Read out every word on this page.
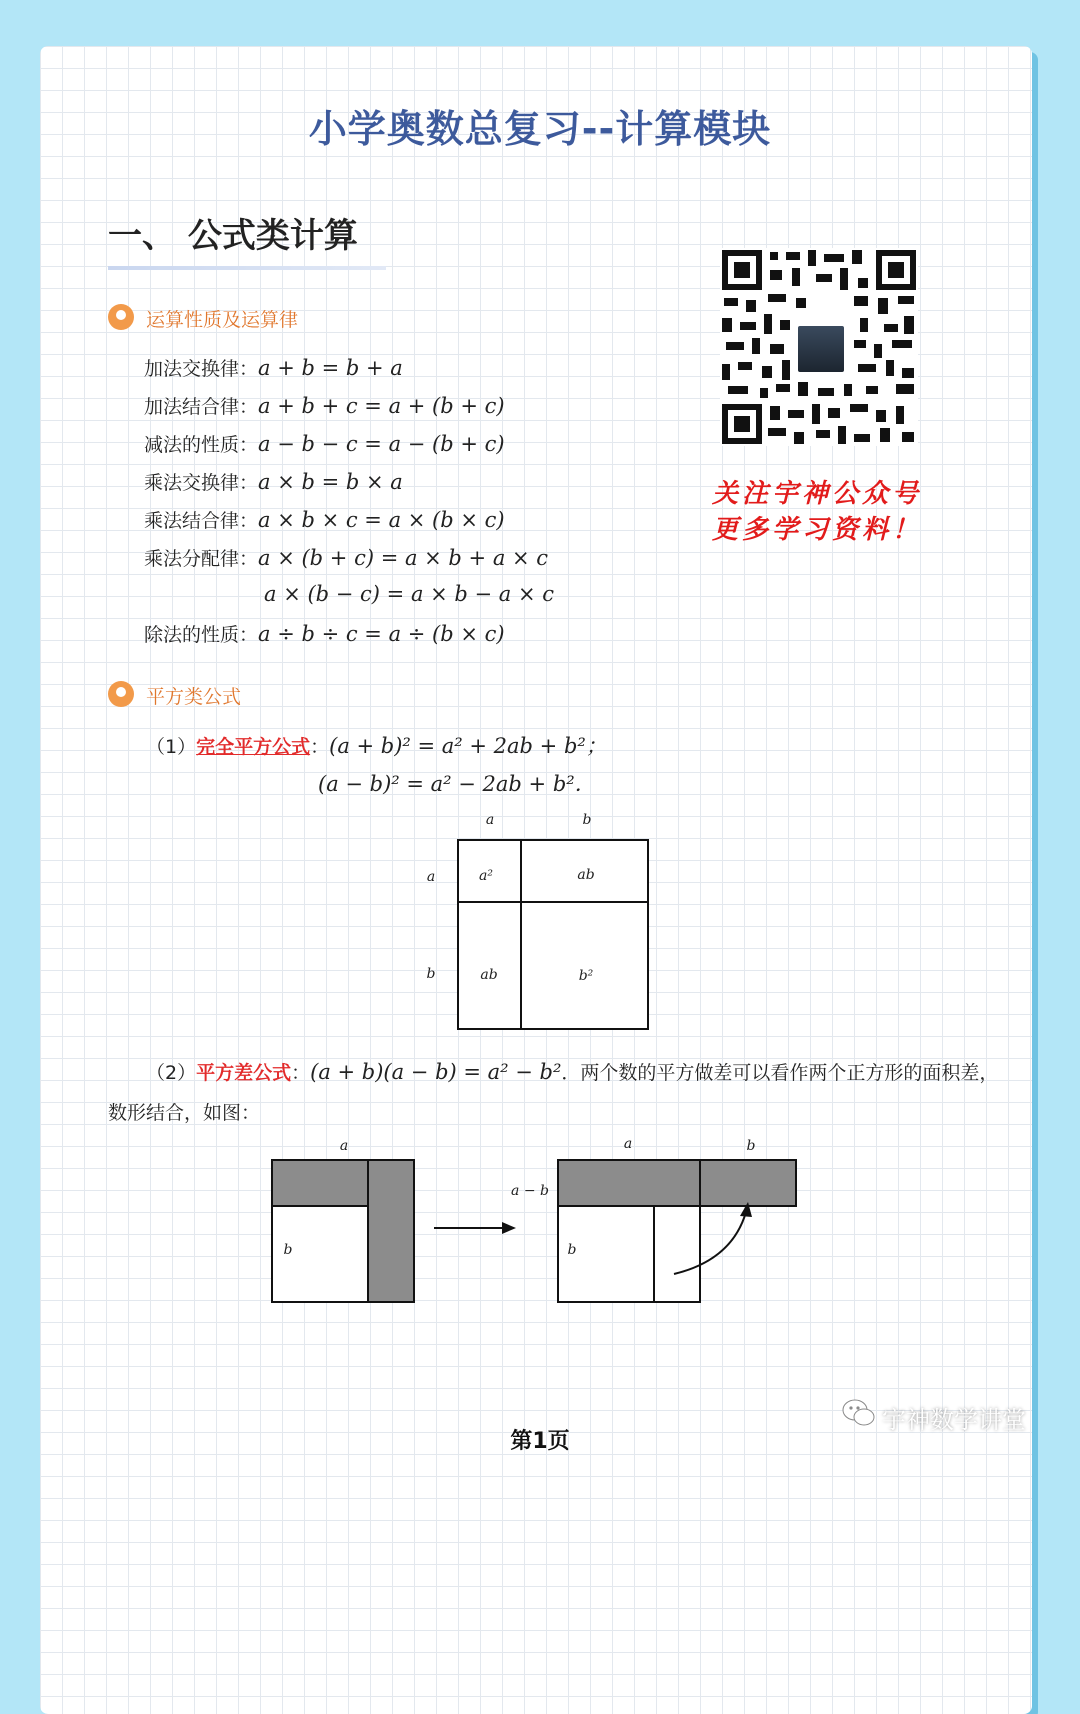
小学奥数总复习--计算模块
一、 公式类计算
运算性质及运算律
加法交换律：a + b = b + a
加法结合律：a + b + c = a + (b + c)
减法的性质：a − b − c = a − (b + c)
乘法交换律：a × b = b × a
乘法结合律：a × b × c = a × (b × c)
乘法分配律：a × (b + c) = a × b + a × c
a × (b − c) = a × b − a × c
除法的性质：a ÷ b ÷ c = a ÷ (b × c)
关注宇神公众号
更多学习资料！
平方类公式
（1）完全平方公式：(a + b)² = a² + 2ab + b²；
(a − b)² = a² − 2ab + b²．
a	b
a
b
a²	ab
ab	b²
（2）平方差公式：(a + b)(a − b) = a² − b²．两个数的平方做差可以看作两个正方形的面积差，
数形结合，如图：
a
b
a	b
a − b
b
宇神数学讲堂
第1页
